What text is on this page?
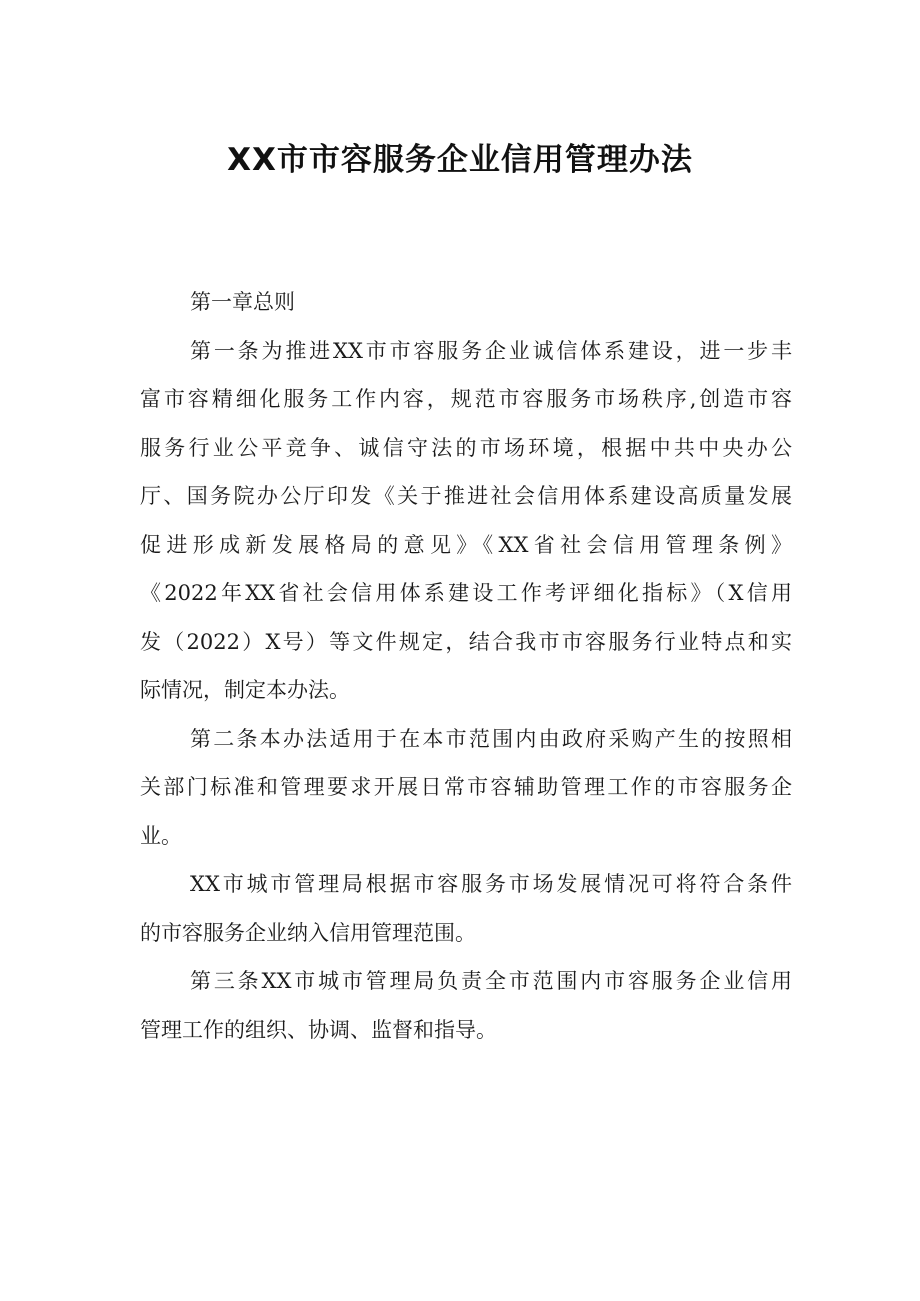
XX市市容服务企业信用管理办法
第一章总则
第一条为推进XX市市容服务企业诚信体系建设，进一步丰
富市容精细化服务工作内容，规范市容服务市场秩序,创造市容
服务行业公平竞争、诚信守法的市场环境，根据中共中央办公
厅、国务院办公厅印发《关于推进社会信用体系建设高质量发展
促进形成新发展格局的意见》《XX省社会信用管理条例》
《2022年XX省社会信用体系建设工作考评细化指标》（X信用
发（2022）X号）等文件规定，结合我市市容服务行业特点和实
际情况，制定本办法。
第二条本办法适用于在本市范围内由政府采购产生的按照相
关部门标准和管理要求开展日常市容辅助管理工作的市容服务企
业。
XX市城市管理局根据市容服务市场发展情况可将符合条件
的市容服务企业纳入信用管理范围。
第三条XX市城市管理局负责全市范围内市容服务企业信用
管理工作的组织、协调、监督和指导。
